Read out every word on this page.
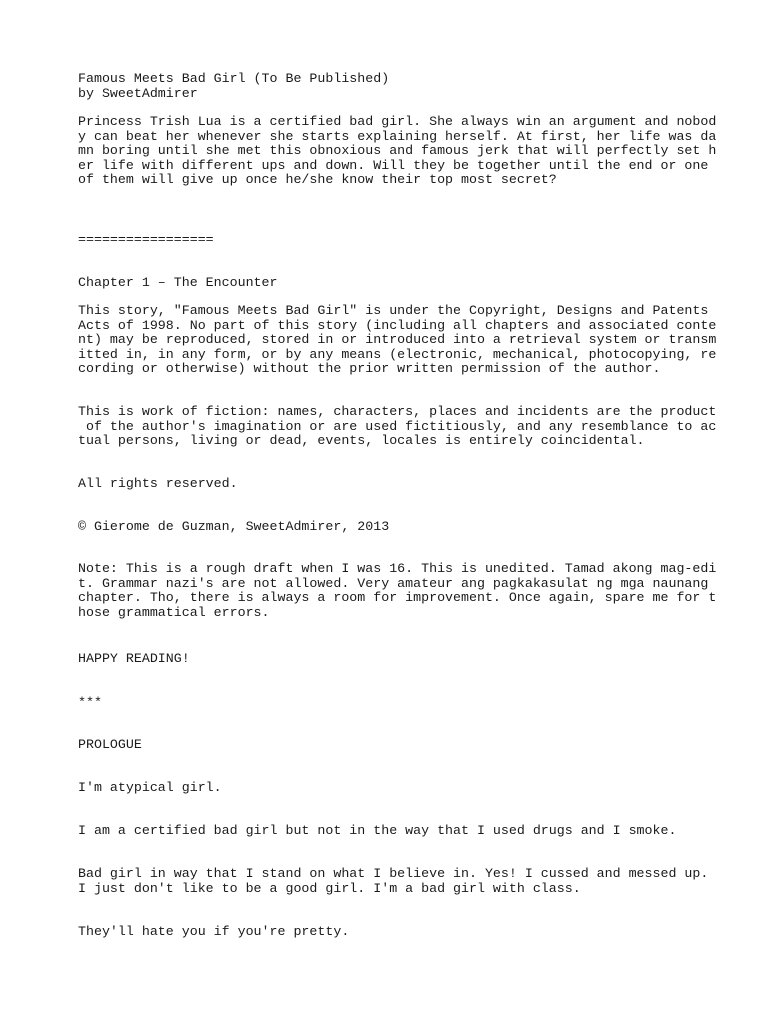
Famous Meets Bad Girl (To Be Published)
by SweetAdmirer
Princess Trish Lua is a certified bad girl. She always win an argument and nobod
y can beat her whenever she starts explaining herself. At first, her life was da
mn boring until she met this obnoxious and famous jerk that will perfectly set h
er life with different ups and down. Will they be together until the end or one
of them will give up once he/she know their top most secret?
=================
Chapter 1 – The Encounter
This story, "Famous Meets Bad Girl" is under the Copyright, Designs and Patents
Acts of 1998. No part of this story (including all chapters and associated conte
nt) may be reproduced, stored in or introduced into a retrieval system or transm
itted in, in any form, or by any means (electronic, mechanical, photocopying, re
cording or otherwise) without the prior written permission of the author.
This is work of fiction: names, characters, places and incidents are the product
of the author's imagination or are used fictitiously, and any resemblance to ac
tual persons, living or dead, events, locales is entirely coincidental.
All rights reserved.
© Gierome de Guzman, SweetAdmirer, 2013
Note: This is a rough draft when I was 16. This is unedited. Tamad akong mag-edi
t. Grammar nazi's are not allowed. Very amateur ang pagkakasulat ng mga naunang
chapter. Tho, there is always a room for improvement. Once again, spare me for t
hose grammatical errors.
HAPPY READING!
***
PROLOGUE
I'm atypical girl.
I am a certified bad girl but not in the way that I used drugs and I smoke.
Bad girl in way that I stand on what I believe in. Yes! I cussed and messed up.
I just don't like to be a good girl. I'm a bad girl with class.
They'll hate you if you're pretty.
